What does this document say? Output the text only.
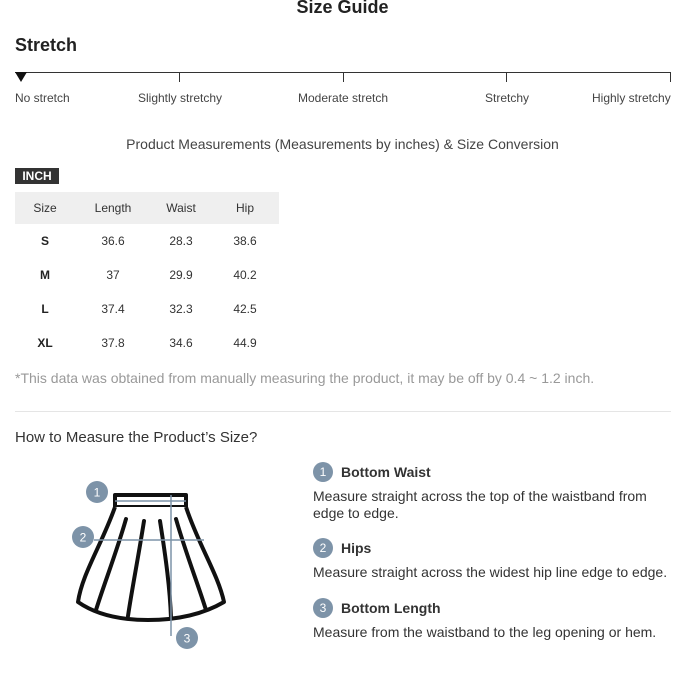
Size Guide
Stretch
No stretch	Slightly stretchy	Moderate stretch	Stretchy	Highly stretchy
Product Measurements (Measurements by inches) & Size Conversion
INCH
Size	Length	Waist	Hip
S	36.6	28.3	38.6
M	37	29.9	40.2
L	37.4	32.3	42.5
XL	37.8	34.6	44.9
*This data was obtained from manually measuring the product, it may be off by 0.4 ~ 1.2 inch.
How to Measure the Product’s Size?
1
2
3
1	Bottom Waist
Measure straight across the top of the waistband from edge to edge.
2	Hips
Measure straight across the widest hip line edge to edge.
3	Bottom Length
Measure from the waistband to the leg opening or hem.
